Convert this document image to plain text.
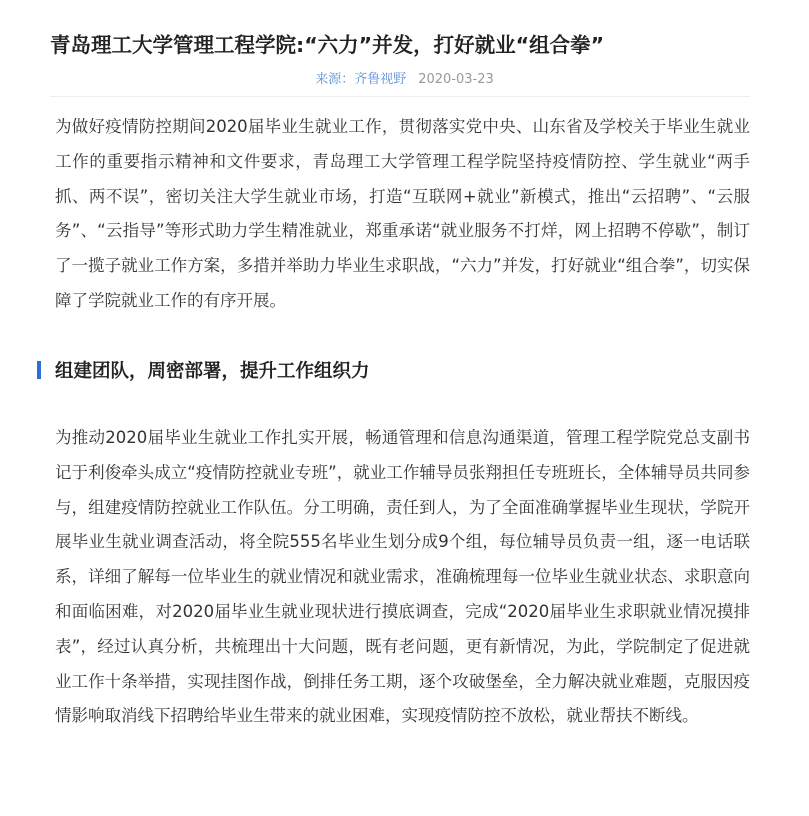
青岛理工大学管理工程学院:“六力”并发，打好就业“组合拳”
来源：齐鲁视野 2020-03-23

为做好疫情防控期间2020届毕业生就业工作，贯彻落实党中央、山东省及学校关于毕业生就业工作的重要指示精神和文件要求，青岛理工大学管理工程学院坚持疫情防控、学生就业“两手抓、两不误”，密切关注大学生就业市场，打造“互联网+就业”新模式，推出“云招聘”、“云服务”、“云指导”等形式助力学生精准就业，郑重承诺“就业服务不打烊，网上招聘不停歇”，制订了一揽子就业工作方案，多措并举助力毕业生求职战，“六力”并发，打好就业“组合拳”，切实保障了学院就业工作的有序开展。

组建团队，周密部署，提升工作组织力

为推动2020届毕业生就业工作扎实开展，畅通管理和信息沟通渠道，管理工程学院党总支副书记于利俊牵头成立“疫情防控就业专班”，就业工作辅导员张翔担任专班班长，全体辅导员共同参与，组建疫情防控就业工作队伍。分工明确，责任到人，为了全面准确掌握毕业生现状，学院开展毕业生就业调查活动，将全院555名毕业生划分成9个组，每位辅导员负责一组，逐一电话联系，详细了解每一位毕业生的就业情况和就业需求，准确梳理每一位毕业生就业状态、求职意向和面临困难，对2020届毕业生就业现状进行摸底调查，完成“2020届毕业生求职就业情况摸排表”，经过认真分析，共梳理出十大问题，既有老问题，更有新情况，为此，学院制定了促进就业工作十条举措，实现挂图作战，倒排任务工期，逐个攻破堡垒，全力解决就业难题，克服因疫情影响取消线下招聘给毕业生带来的就业困难，实现疫情防控不放松，就业帮扶不断线。
